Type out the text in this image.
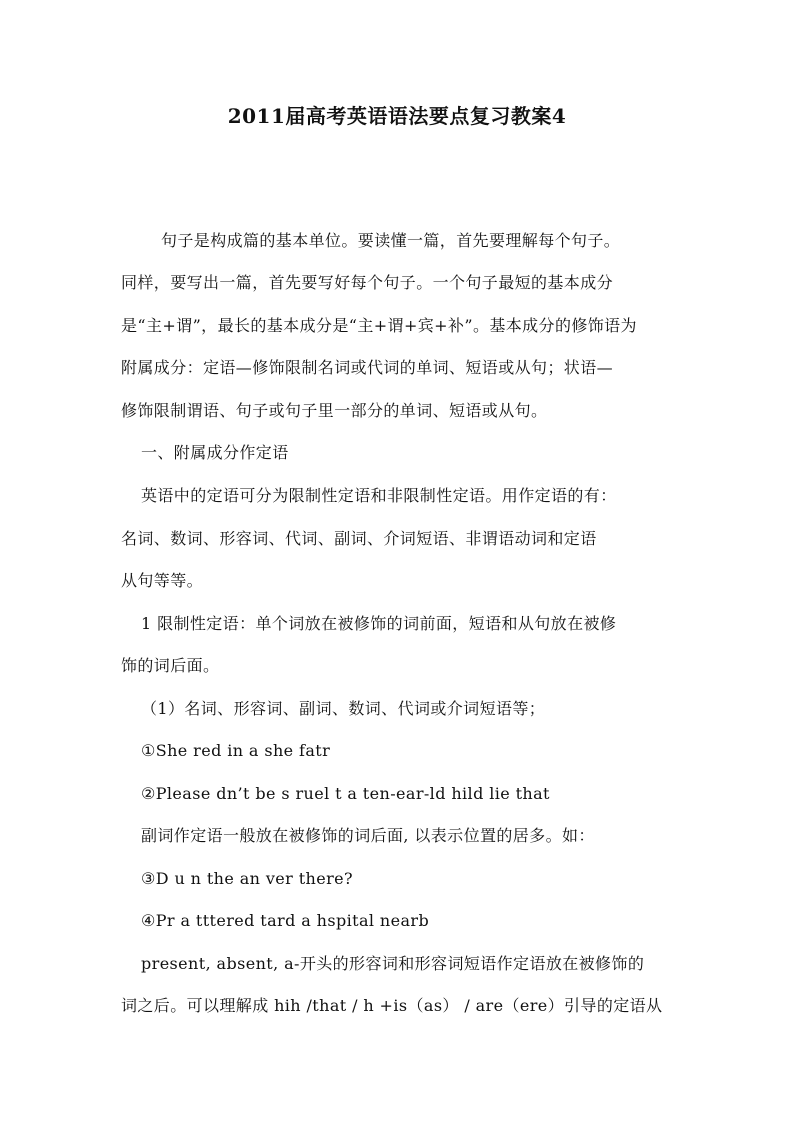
2011届高考英语语法要点复习教案4
句子是构成篇的基本单位。要读懂一篇，首先要理解每个句子。
同样，要写出一篇，首先要写好每个句子。一个句子最短的基本成分
是“主+谓”，最长的基本成分是“主+谓+宾+补”。基本成分的修饰语为
附属成分：定语—修饰限制名词或代词的单词、短语或从句；状语—
修饰限制谓语、句子或句子里一部分的单词、短语或从句。
一、附属成分作定语
英语中的定语可分为限制性定语和非限制性定语。用作定语的有：
名词、数词、形容词、代词、副词、介词短语、非谓语动词和定语
从句等等。
1 限制性定语：单个词放在被修饰的词前面，短语和从句放在被修
饰的词后面。
（1）名词、形容词、副词、数词、代词或介词短语等；
①She red in a she fatr
②Please dn’t be s ruel t a ten-ear-ld hild lie that
副词作定语一般放在被修饰的词后面, 以表示位置的居多。如：
③D u n the an ver there?
④Pr a tttered tard a hspital nearb
present, absent, a-开头的形容词和形容词短语作定语放在被修饰的
词之后。可以理解成 hih /that / h +is（as） / are（ere）引导的定语从
